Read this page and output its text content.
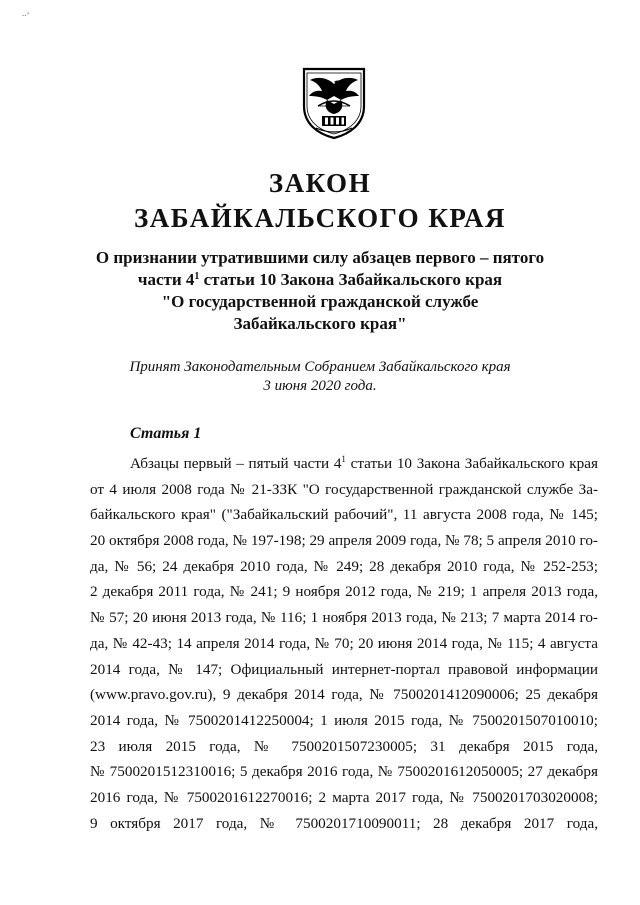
..◦
ЗАКОН
ЗАБАЙКАЛЬСКОГО КРАЯ
О признании утратившими силу абзацев первого – пятого
части $4^1$ статьи 10 Закона Забайкальского края
"О государственной гражданской службе
Забайкальского края"
Принят Законодательным Собранием Забайкальского края
3 июня 2020 года.
Статья 1
Абзацы первый – пятый части $4^1$ статьи 10 Закона Забайкальского края
от 4 июля 2008 года № 21-ЗЗК "О государственной гражданской службе За-
байкальского края" ("Забайкальский рабочий", 11 августа 2008 года, № 145;
20 октября 2008 года, № 197-198; 29 апреля 2009 года, № 78; 5 апреля 2010 го-
да, № 56; 24 декабря 2010 года, № 249; 28 декабря 2010 года, № 252-253;
2 декабря 2011 года, № 241; 9 ноября 2012 года, № 219; 1 апреля 2013 года,
№ 57; 20 июня 2013 года, № 116; 1 ноября 2013 года, № 213; 7 марта 2014 го-
да, № 42-43; 14 апреля 2014 года, № 70; 20 июня 2014 года, № 115; 4 августа
2014 года, № 147; Официальный интернет-портал правовой информации
(www.pravo.gov.ru), 9 декабря 2014 года, № 7500201412090006; 25 декабря
2014 года, № 7500201412250004; 1 июля 2015 года, № 7500201507010010;
23 июля 2015 года, № 7500201507230005; 31 декабря 2015 года,
№ 7500201512310016; 5 декабря 2016 года, № 7500201612050005; 27 декабря
2016 года, № 7500201612270016; 2 марта 2017 года, № 7500201703020008;
9 октября 2017 года, № 7500201710090011; 28 декабря 2017 года,
